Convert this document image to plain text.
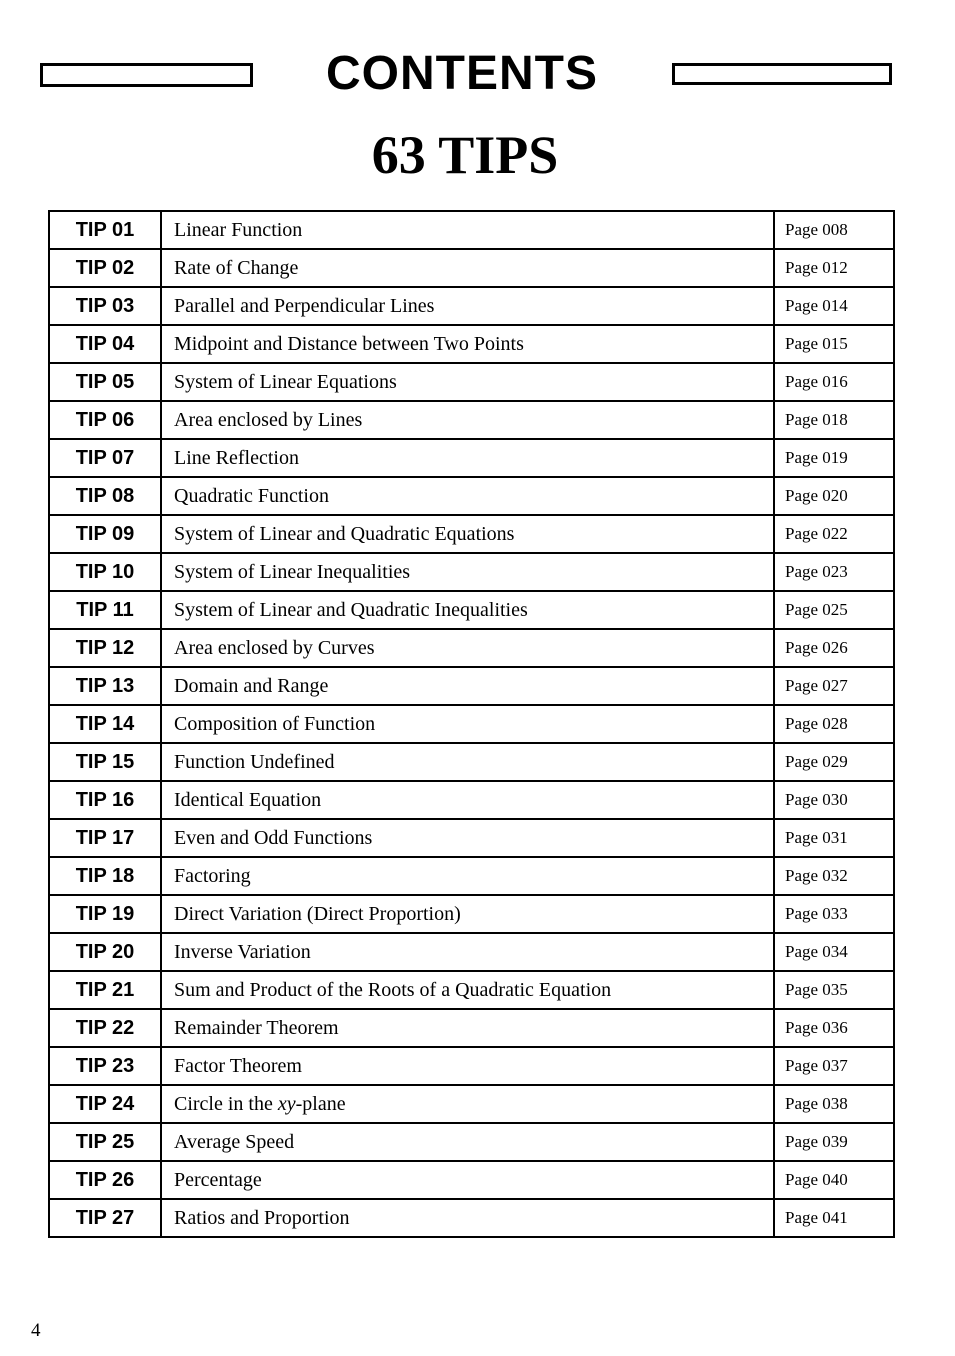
CONTENTS
63 TIPS
TIP 01	Linear Function	Page 008
TIP 02	Rate of Change	Page 012
TIP 03	Parallel and Perpendicular Lines	Page 014
TIP 04	Midpoint and Distance between Two Points	Page 015
TIP 05	System of Linear Equations	Page 016
TIP 06	Area enclosed by Lines	Page 018
TIP 07	Line Reflection	Page 019
TIP 08	Quadratic Function	Page 020
TIP 09	System of Linear and Quadratic Equations	Page 022
TIP 10	System of Linear Inequalities	Page 023
TIP 11	System of Linear and Quadratic Inequalities	Page 025
TIP 12	Area enclosed by Curves	Page 026
TIP 13	Domain and Range	Page 027
TIP 14	Composition of Function	Page 028
TIP 15	Function Undefined	Page 029
TIP 16	Identical Equation	Page 030
TIP 17	Even and Odd Functions	Page 031
TIP 18	Factoring	Page 032
TIP 19	Direct Variation (Direct Proportion)	Page 033
TIP 20	Inverse Variation	Page 034
TIP 21	Sum and Product of the Roots of a Quadratic Equation	Page 035
TIP 22	Remainder Theorem	Page 036
TIP 23	Factor Theorem	Page 037
TIP 24	Circle in the xy-plane	Page 038
TIP 25	Average Speed	Page 039
TIP 26	Percentage	Page 040
TIP 27	Ratios and Proportion	Page 041
4
